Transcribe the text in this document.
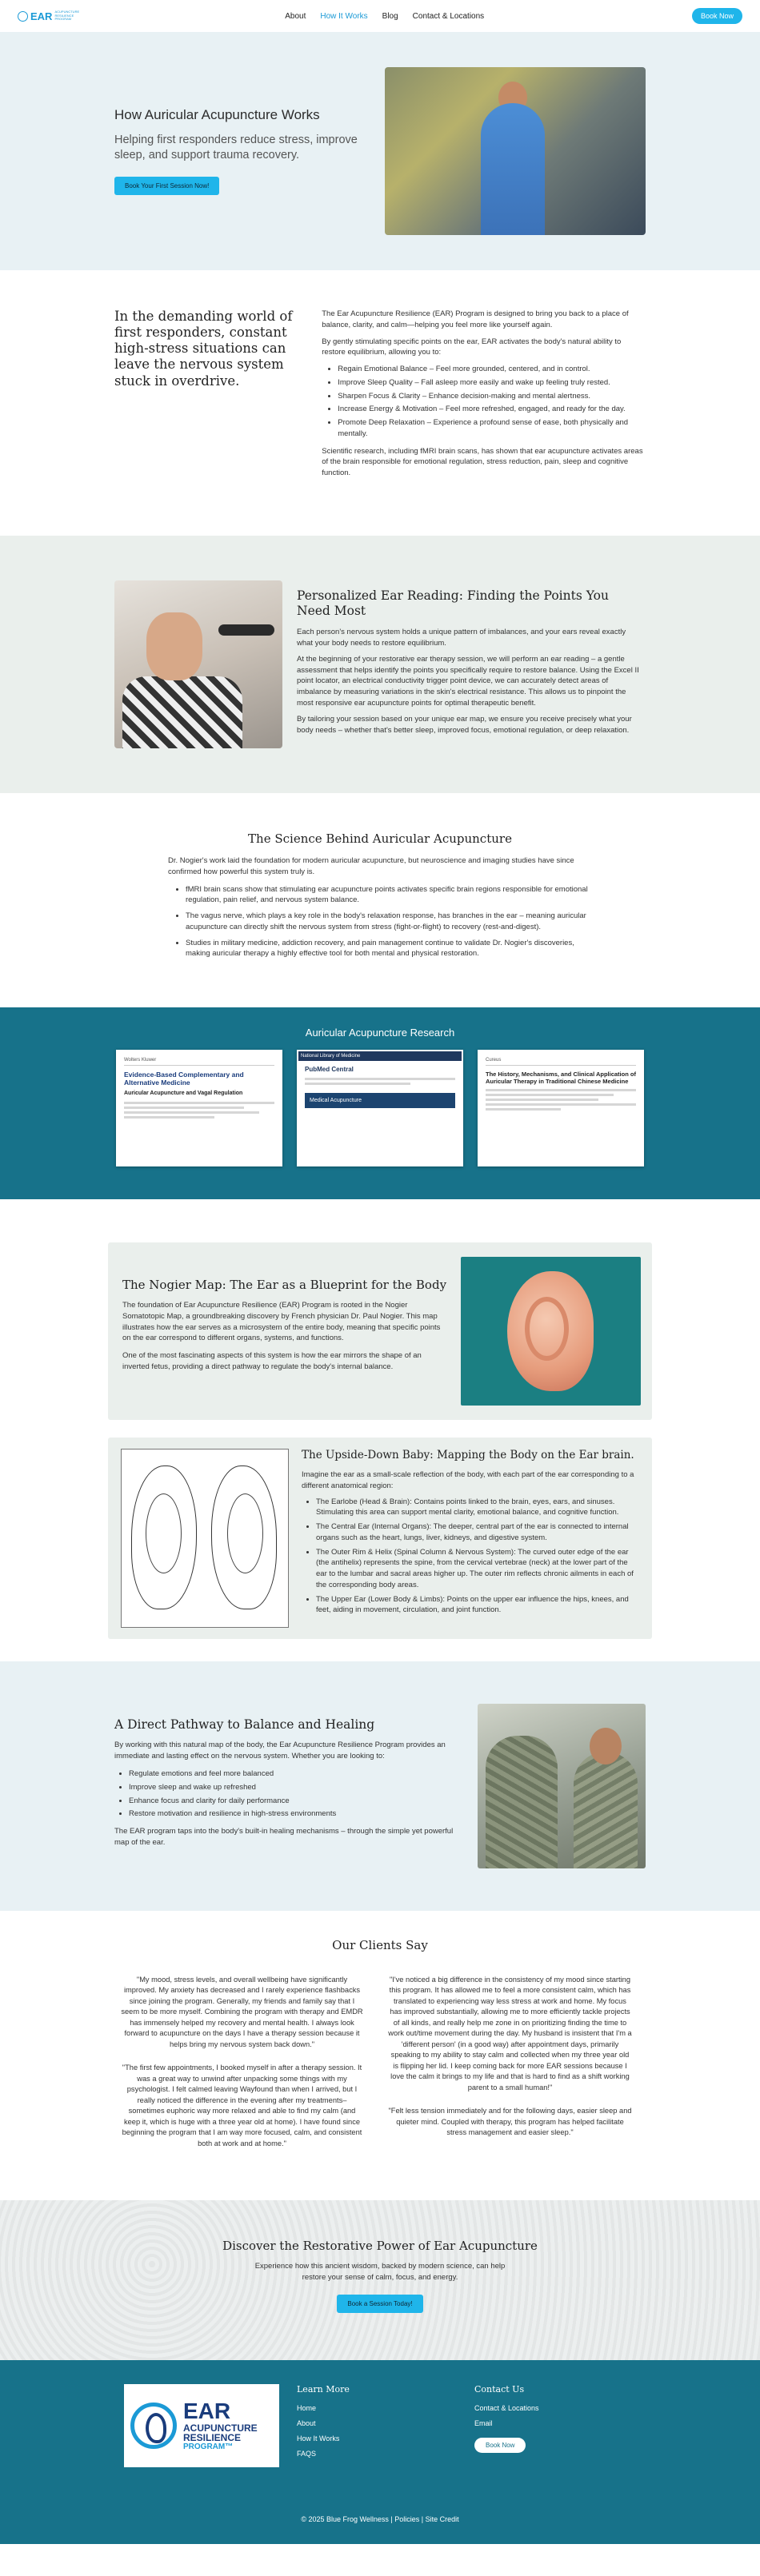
EAR ACUPUNCTURE RESILIENCE PROGRAM	About How It Works Blog Contact & Locations	Book Now
How Auricular Acupuncture Works
Helping first responders reduce stress, improve sleep, and support trauma recovery.
Book Your First Session Now!
In the demanding world of first responders, constant high-stress situations can leave the nervous system stuck in overdrive.

The Ear Acupuncture Resilience (EAR) Program is designed to bring you back to a place of balance, clarity, and calm—helping you feel more like yourself again.

By gently stimulating specific points on the ear, EAR activates the body's natural ability to restore equilibrium, allowing you to:

• Regain Emotional Balance – Feel more grounded, centered, and in control.
• Improve Sleep Quality – Fall asleep more easily and wake up feeling truly rested.
• Sharpen Focus & Clarity – Enhance decision-making and mental alertness.
• Increase Energy & Motivation – Feel more refreshed, engaged, and ready for the day.
• Promote Deep Relaxation – Experience a profound sense of ease, both physically and mentally.

Scientific research, including fMRI brain scans, has shown that ear acupuncture activates areas of the brain responsible for emotional regulation, stress reduction, pain, sleep and cognitive function.

Personalized Ear Reading: Finding the Points You Need Most

Each person's nervous system holds a unique pattern of imbalances, and your ears reveal exactly what your body needs to restore equilibrium.

At the beginning of your restorative ear therapy session, we will perform an ear reading – a gentle assessment that helps identify the points you specifically require to restore balance. Using the Excel II point locator, an electrical conductivity trigger point device, we can accurately detect areas of imbalance by measuring variations in the skin's electrical resistance. This allows us to pinpoint the most responsive ear acupuncture points for optimal therapeutic benefit.

By tailoring your session based on your unique ear map, we ensure you receive precisely what your body needs – whether that's better sleep, improved focus, emotional regulation, or deep relaxation.

The Science Behind Auricular Acupuncture

Dr. Nogier's work laid the foundation for modern auricular acupuncture, but neuroscience and imaging studies have since confirmed how powerful this system truly is.

• fMRI brain scans show that stimulating ear acupuncture points activates specific brain regions responsible for emotional regulation, pain relief, and nervous system balance.
• The vagus nerve, which plays a key role in the body's relaxation response, has branches in the ear – meaning auricular acupuncture can directly shift the nervous system from stress (fight-or-flight) to recovery (rest-and-digest).
• Studies in military medicine, addiction recovery, and pain management continue to validate Dr. Nogier's discoveries, making auricular therapy a highly effective tool for both mental and physical restoration.
Auricular Acupuncture Research
Wolters Kluwer
Evidence-Based Complementary and Alternative Medicine
Auricular Acupuncture and Vagal Regulation
National Library of Medicine
PubMed Central
Medical Acupuncture
Cureus
The History, Mechanisms, and Clinical Application of Auricular Therapy in Traditional Chinese Medicine
The Nogier Map: The Ear as a Blueprint for the Body

The foundation of Ear Acupuncture Resilience (EAR) Program is rooted in the Nogier Somatotopic Map, a groundbreaking discovery by French physician Dr. Paul Nogier. This map illustrates how the ear serves as a microsystem of the entire body, meaning that specific points on the ear correspond to different organs, systems, and functions.

One of the most fascinating aspects of this system is how the ear mirrors the shape of an inverted fetus, providing a direct pathway to regulate the body's internal balance.

The Upside-Down Baby: Mapping the Body on the Ear brain.

Imagine the ear as a small-scale reflection of the body, with each part of the ear corresponding to a different anatomical region:

• The Earlobe (Head & Brain): Contains points linked to the brain, eyes, ears, and sinuses. Stimulating this area can support mental clarity, emotional balance, and cognitive function.
• The Central Ear (Internal Organs): The deeper, central part of the ear is connected to internal organs such as the heart, lungs, liver, kidneys, and digestive system.
• The Outer Rim & Helix (Spinal Column & Nervous System): The curved outer edge of the ear (the antihelix) represents the spine, from the cervical vertebrae (neck) at the lower part of the ear to the lumbar and sacral areas higher up. The outer rim reflects chronic ailments in each of the corresponding body areas.
• The Upper Ear (Lower Body & Limbs): Points on the upper ear influence the hips, knees, and feet, aiding in movement, circulation, and joint function.
A Direct Pathway to Balance and Healing

By working with this natural map of the body, the Ear Acupuncture Resilience Program provides an immediate and lasting effect on the nervous system. Whether you are looking to:

• Regulate emotions and feel more balanced
• Improve sleep and wake up refreshed
• Enhance focus and clarity for daily performance
• Restore motivation and resilience in high-stress environments

The EAR program taps into the body's built-in healing mechanisms – through the simple yet powerful map of the ear.

Our Clients Say

"My mood, stress levels, and overall wellbeing have significantly improved. My anxiety has decreased and I rarely experience flashbacks since joining the program. Generally, my friends and family say that I seem to be more myself. Combining the program with therapy and EMDR has immensely helped my recovery and mental health. I always look forward to acupuncture on the days I have a therapy session because it helps bring my nervous system back down."

"The first few appointments, I booked myself in after a therapy session. It was a great way to unwind after unpacking some things with my psychologist. I felt calmed leaving Wayfound than when I arrived, but I really noticed the difference in the evening after my treatments– sometimes euphoric way more relaxed and able to find my calm (and keep it, which is huge with a three year old at home). I have found since beginning the program that I am way more focused, calm, and consistent both at work and at home."

"I've noticed a big difference in the consistency of my mood since starting this program. It has allowed me to feel a more consistent calm, which has translated to experiencing way less stress at work and home. My focus has improved substantially, allowing me to more efficiently tackle projects of all kinds, and really help me zone in on prioritizing finding the time to work out/time movement during the day. My husband is insistent that I'm a 'different person' (in a good way) after appointment days, primarily speaking to my ability to stay calm and collected when my three year old is flipping her lid. I keep coming back for more EAR sessions because I love the calm it brings to my life and that is hard to find as a shift working parent to a small human!"

"Felt less tension immediately and for the following days, easier sleep and quieter mind. Coupled with therapy, this program has helped facilitate stress management and easier sleep."

Discover the Restorative Power of Ear Acupuncture

Experience how this ancient wisdom, backed by modern science, can help restore your sense of calm, focus, and energy.

Book a Session Today!
EAR
ACUPUNCTURE
RESILIENCE
PROGRAM™
Learn More
Home
About
How It Works
FAQS
Contact Us
Contact & Locations
Email
Book Now
© 2025 Blue Frog Wellness | Policies | Site Credit
